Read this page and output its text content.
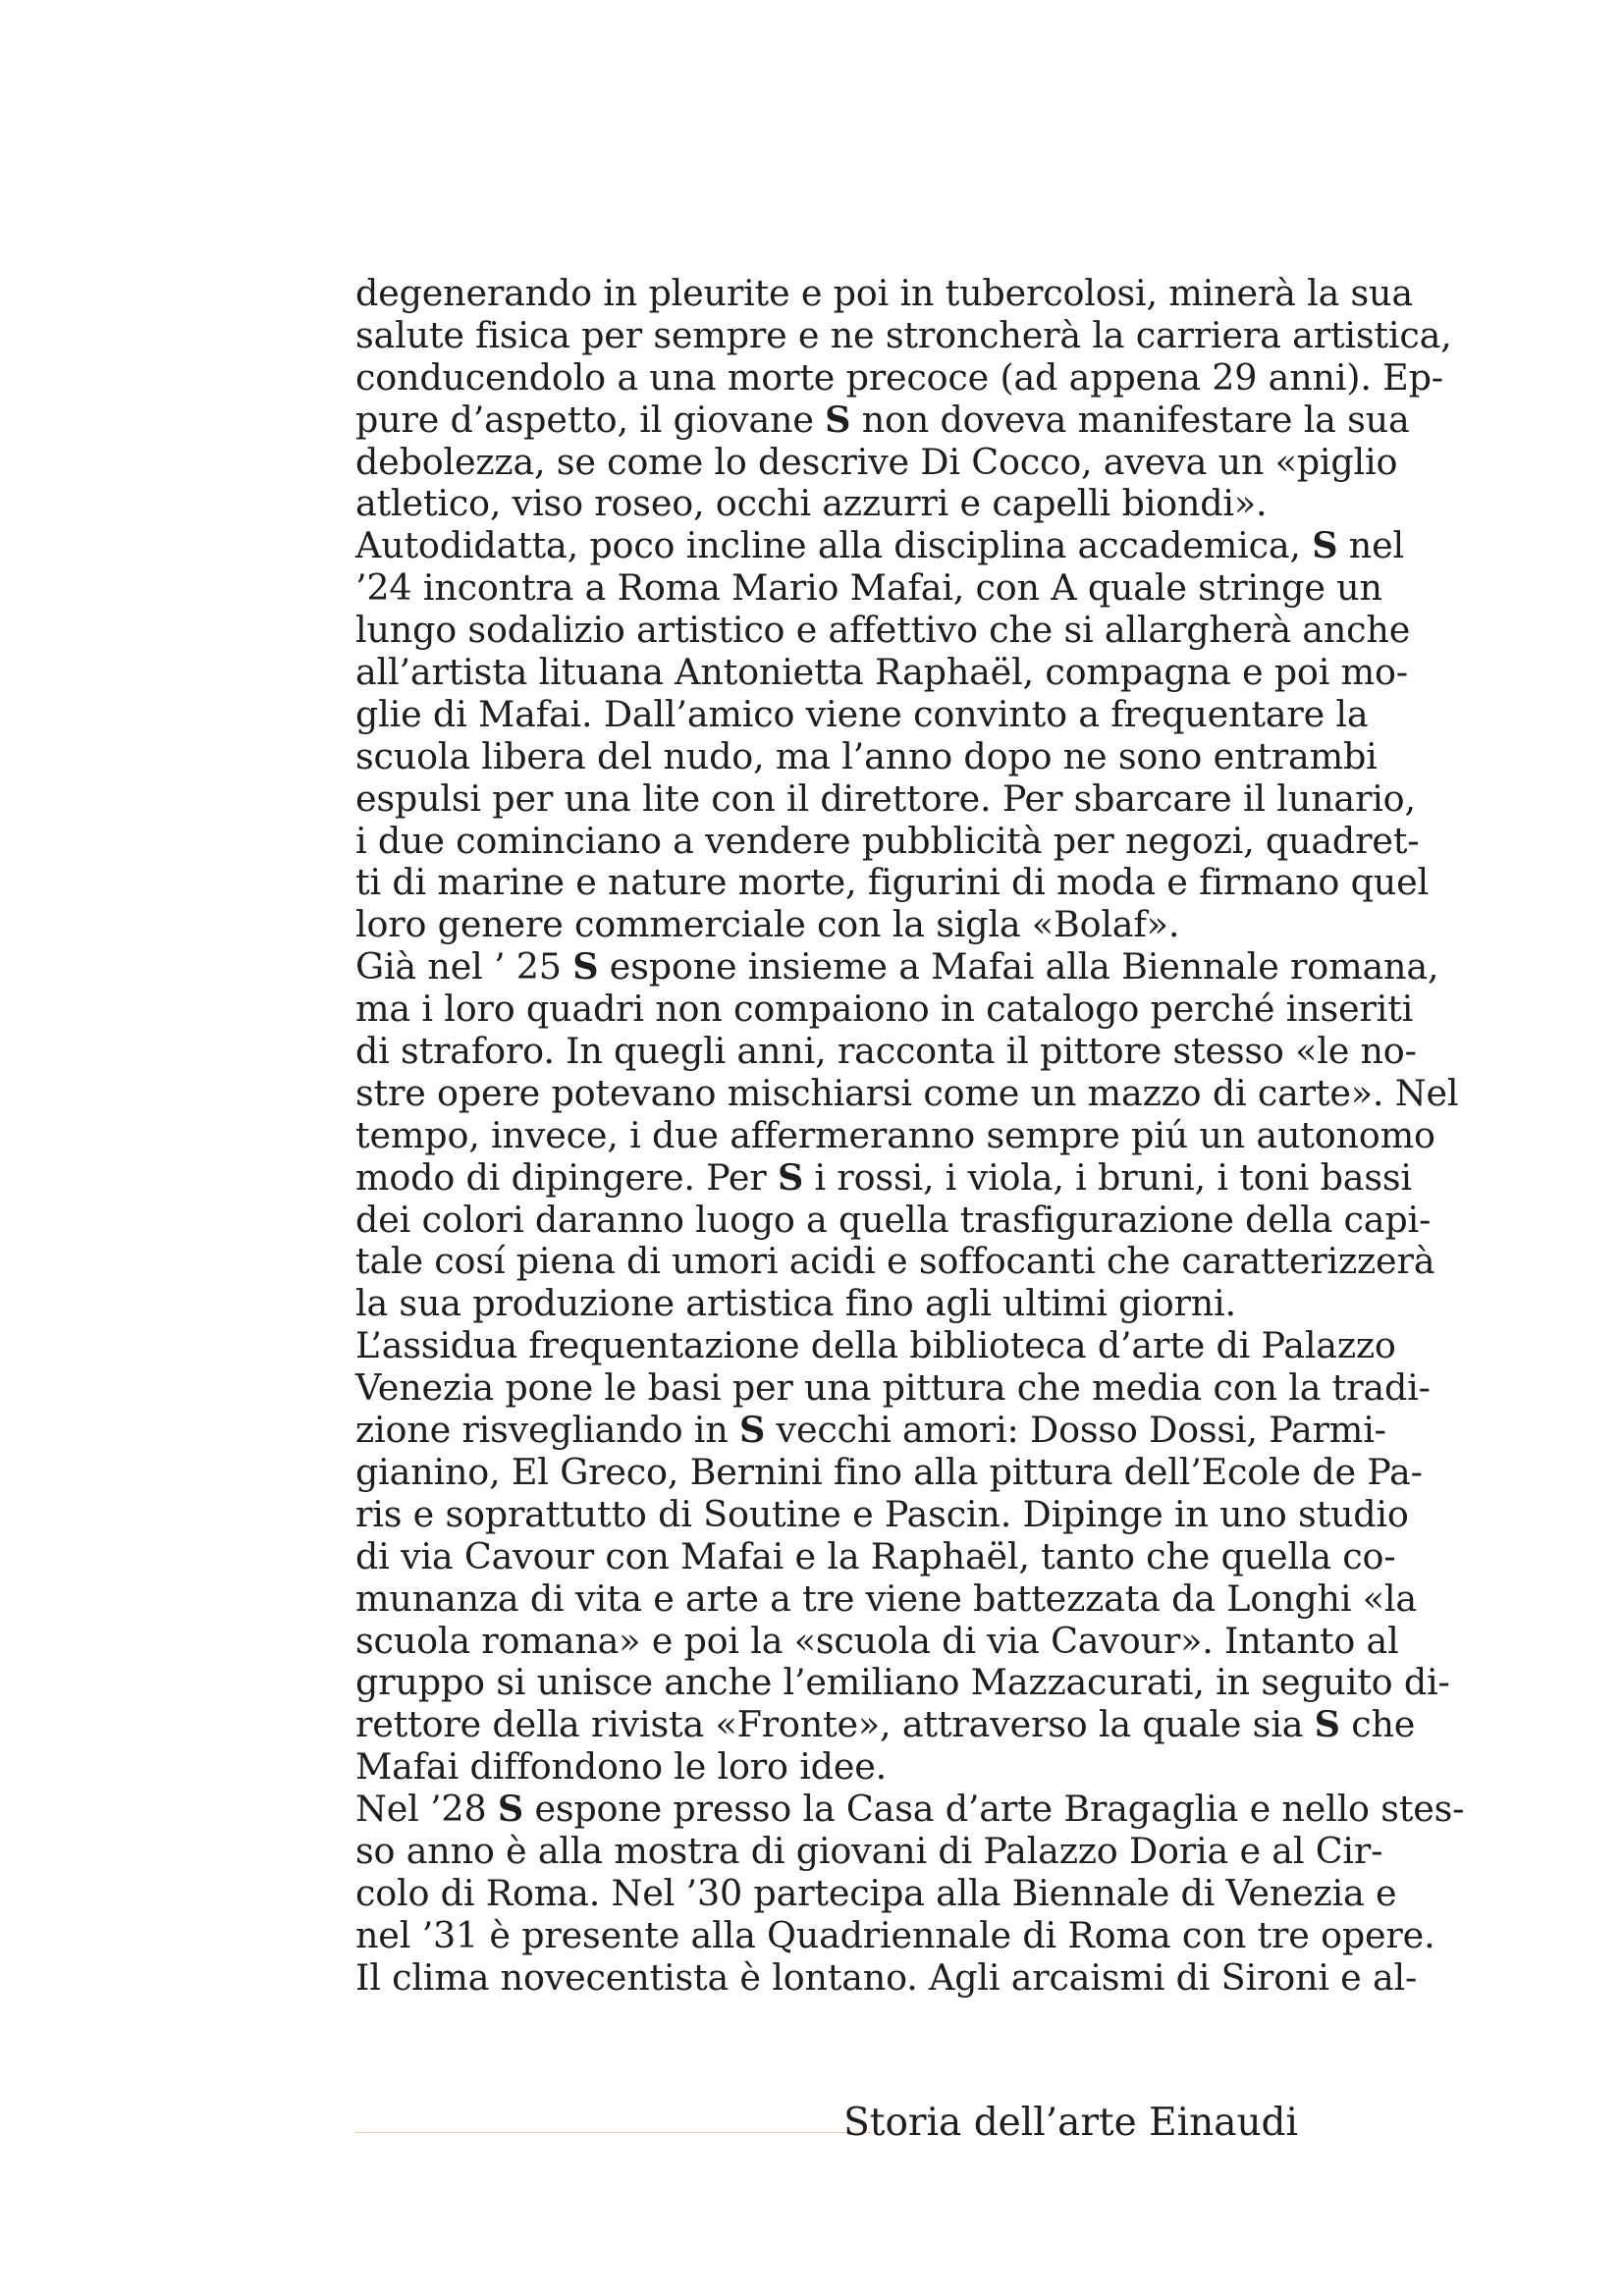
degenerando in pleurite e poi in tubercolosi, minerà la sua
salute fisica per sempre e ne stroncherà la carriera artistica,
conducendolo a una morte precoce (ad appena 29 anni). Ep-
pure d’aspetto, il giovane S non doveva manifestare la sua
debolezza, se come lo descrive Di Cocco, aveva un «piglio
atletico, viso roseo, occhi azzurri e capelli biondi».
Autodidatta, poco incline alla disciplina accademica, S nel
’24 incontra a Roma Mario Mafai, con A quale stringe un
lungo sodalizio artistico e affettivo che si allargherà anche
all’artista lituana Antonietta Raphaël, compagna e poi mo-
glie di Mafai. Dall’amico viene convinto a frequentare la
scuola libera del nudo, ma l’anno dopo ne sono entrambi
espulsi per una lite con il direttore. Per sbarcare il lunario,
i due cominciano a vendere pubblicità per negozi, quadret-
ti di marine e nature morte, figurini di moda e firmano quel
loro genere commerciale con la sigla «Bolaf».
Già nel ’ 25 S espone insieme a Mafai alla Biennale romana,
ma i loro quadri non compaiono in catalogo perché inseriti
di straforo. In quegli anni, racconta il pittore stesso «le no-
stre opere potevano mischiarsi come un mazzo di carte». Nel
tempo, invece, i due affermeranno sempre piú un autonomo
modo di dipingere. Per S i rossi, i viola, i bruni, i toni bassi
dei colori daranno luogo a quella trasfigurazione della capi-
tale cosí piena di umori acidi e soffocanti che caratterizzerà
la sua produzione artistica fino agli ultimi giorni.
L’assidua frequentazione della biblioteca d’arte di Palazzo
Venezia pone le basi per una pittura che media con la tradi-
zione risvegliando in S vecchi amori: Dosso Dossi, Parmi-
gianino, El Greco, Bernini fino alla pittura dell’Ecole de Pa-
ris e soprattutto di Soutine e Pascin. Dipinge in uno studio
di via Cavour con Mafai e la Raphaël, tanto che quella co-
munanza di vita e arte a tre viene battezzata da Longhi «la
scuola romana» e poi la «scuola di via Cavour». Intanto al
gruppo si unisce anche l’emiliano Mazzacurati, in seguito di-
rettore della rivista «Fronte», attraverso la quale sia S che
Mafai diffondono le loro idee.
Nel ’28 S espone presso la Casa d’arte Bragaglia e nello stes-
so anno è alla mostra di giovani di Palazzo Doria e al Cir-
colo di Roma. Nel ’30 partecipa alla Biennale di Venezia e
nel ’31 è presente alla Quadriennale di Roma con tre opere.
Il clima novecentista è lontano. Agli arcaismi di Sironi e al-
Storia dell’arte Einaudi
